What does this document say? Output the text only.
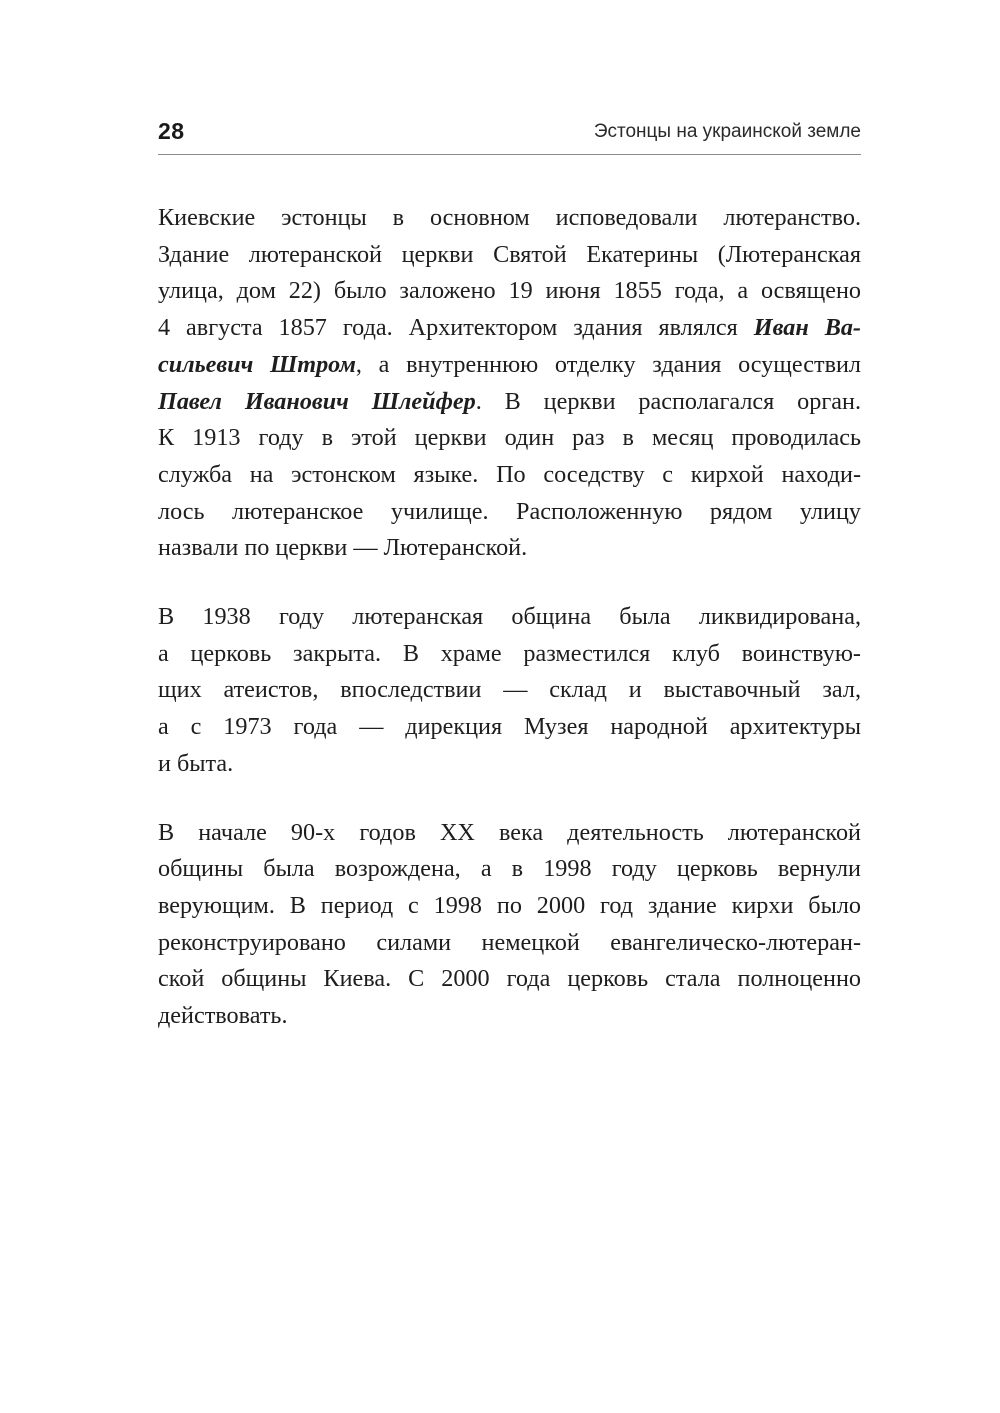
28	Эстонцы на украинской земле
Киевские эстонцы в основном исповедовали лютеранство.
Здание лютеранской церкви Святой Екатерины (Лютеранская
улица, дом 22) было заложено 19 июня 1855 года, а освящено
4 августа 1857 года. Архитектором здания являлся Иван Ва-
сильевич Штром, а внутреннюю отделку здания осуществил
Павел Иванович Шлейфер. В церкви располагался орган.
К 1913 году в этой церкви один раз в месяц проводилась
служба на эстонском языке. По соседству с кирхой находи-
лось лютеранское училище. Расположенную рядом улицу
назвали по церкви — Лютеранской.
В 1938 году лютеранская община была ликвидирована,
а церковь закрыта. В храме разместился клуб воинствую-
щих атеистов, впоследствии — склад и выставочный зал,
а с 1973 года — дирекция Музея народной архитектуры
и быта.
В начале 90-х годов XX века деятельность лютеранской
общины была возрождена, а в 1998 году церковь вернули
верующим. В период с 1998 по 2000 год здание кирхи было
реконструировано силами немецкой евангелическо-лютеран-
ской общины Киева. С 2000 года церковь стала полноценно
действовать.
